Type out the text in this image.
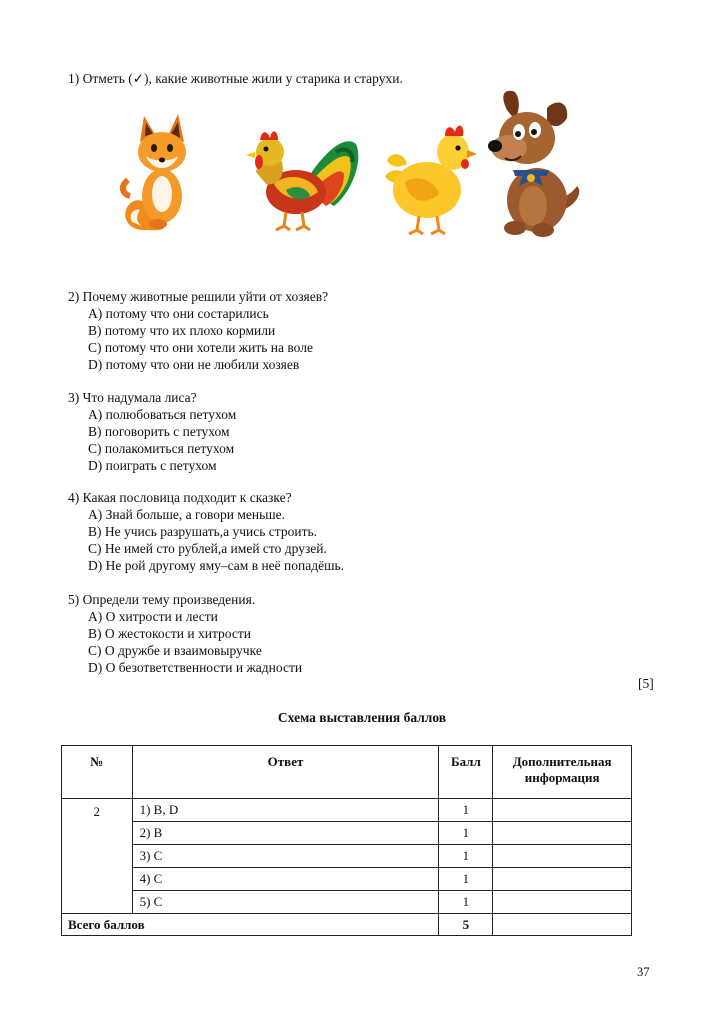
1) Отметь (✓), какие животные жили у старика и старухи.
2) Почему животные решили уйти от хозяев?
A) потому что они состарились
B) потому что их плохо кормили
C) потому что они хотели жить на воле
D) потому что они не любили хозяев
3) Что надумала лиса?
A) полюбоваться петухом
B) поговорить с петухом
C) полакомиться петухом
D) поиграть с петухом
4) Какая пословица подходит к сказке?
A) Знай больше, а говори меньше.
B) Не учись разрушать,а учись строить.
C) Не имей сто рублей,а имей сто друзей.
D) Не рой другому яму–сам в неё попадёшь.
5) Определи тему произведения.
A) О хитрости и лести
B) О жестокости и хитрости
C) О дружбе и взаимовыручке
D) О безответственности и жадности
[5]
Схема выставления баллов
№	Ответ	Балл	Дополнительная информация
2	1) B, D	1	
	2) B	1	
	3) C	1	
	4) C	1	
	5) C	1	
Всего баллов		5	
37
